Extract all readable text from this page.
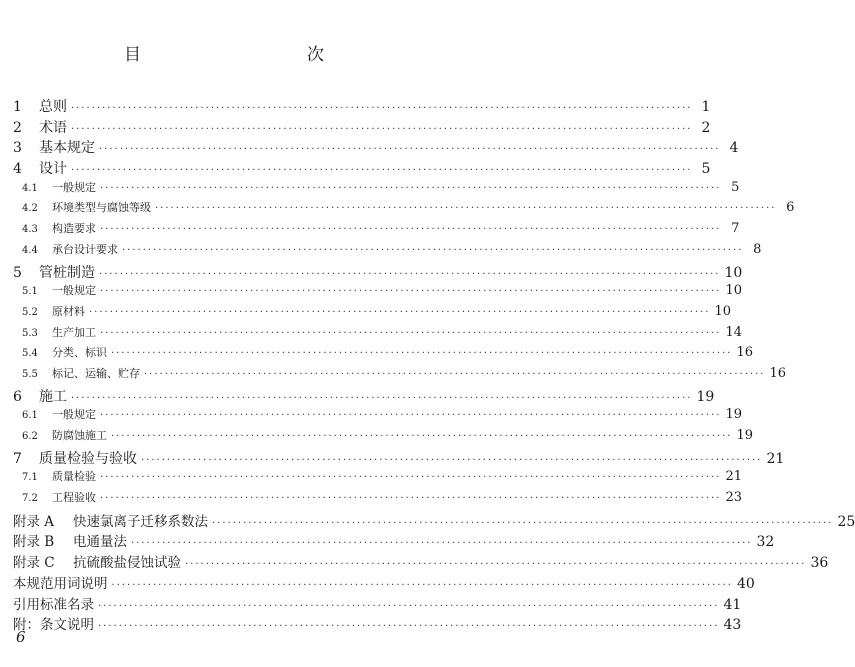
目　　次
1	总则 ························································································································ 1
2	术语 ························································································································ 2
3	基本规定 ························································································································ 4
4	设计 ························································································································ 5
4.1	一般规定 ························································································································ 5
4.2	环境类型与腐蚀等级 ························································································································ 6
4.3	构造要求 ························································································································ 7
4.4	承台设计要求 ························································································································ 8
5	管桩制造 ························································································································ 10
5.1	一般规定 ························································································································ 10
5.2	原材料 ························································································································ 10
5.3	生产加工 ························································································································ 14
5.4	分类、标识 ························································································································ 16
5.5	标记、运输、贮存 ························································································································ 16
6	施工 ························································································································ 19
6.1	一般规定 ························································································································ 19
6.2	防腐蚀施工 ························································································································ 19
7	质量检验与验收 ························································································································ 21
7.1	质量检验 ························································································································ 21
7.2	工程验收 ························································································································ 23
附录 A	快速氯离子迁移系数法 ························································································································ 25
附录 B	电通量法 ························································································································ 32
附录 C	抗硫酸盐侵蚀试验 ························································································································ 36
本规范用词说明 ························································································································ 40
引用标准名录 ························································································································ 41
附：条文说明 ························································································································ 43
6
